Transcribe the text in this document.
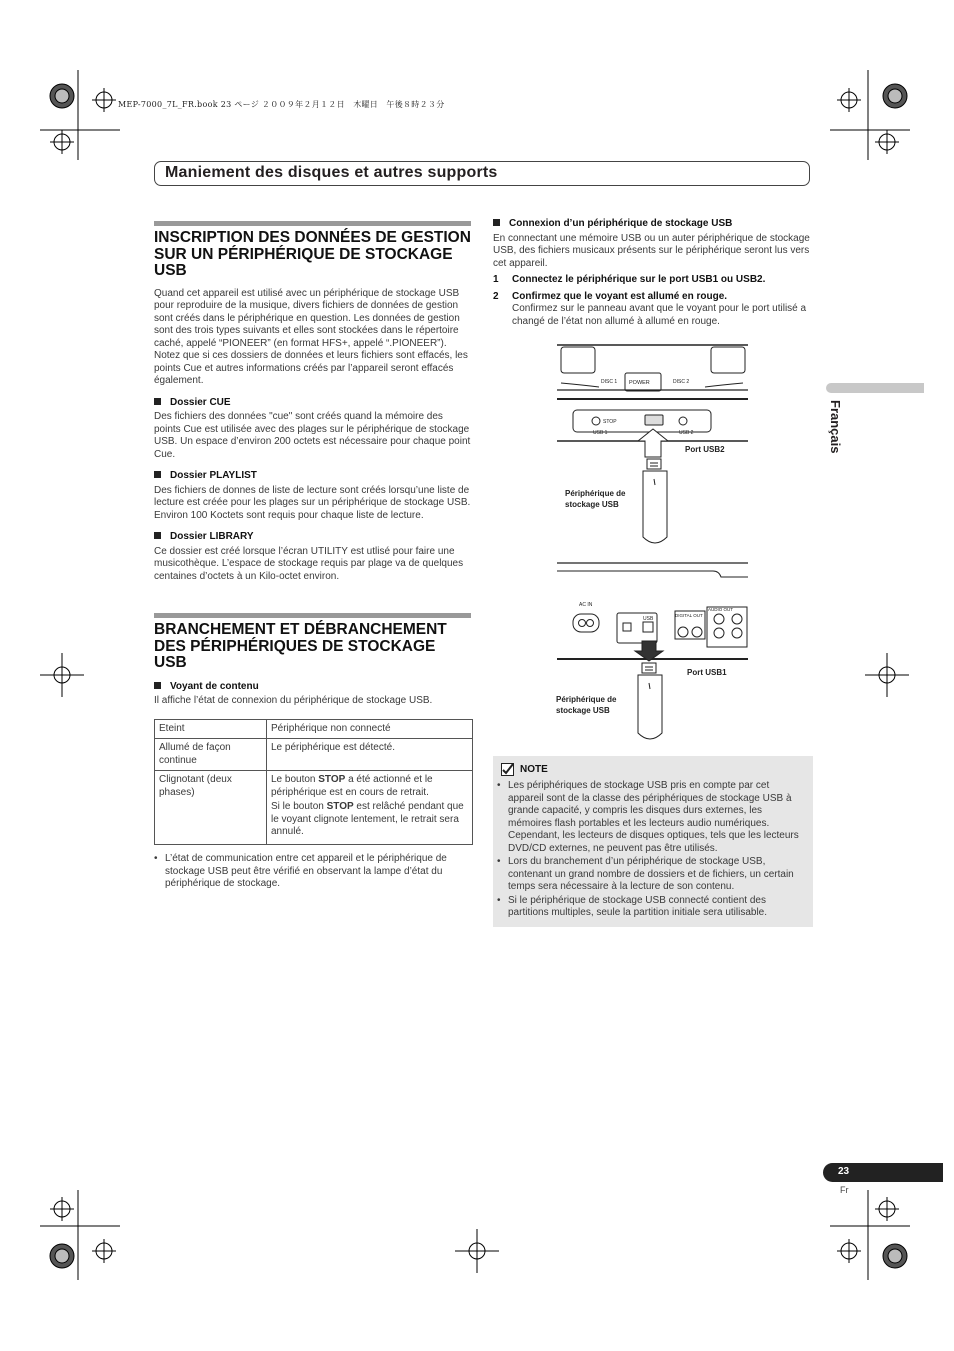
MEP-7000_7L_FR.book 23 ページ ２００９年２月１２日　木曜日　午後８時２３分
Maniement des disques et autres supports
Français
INSCRIPTION DES DONNÉES DE GESTION SUR UN PÉRIPHÉRIQUE DE STOCKAGE USB

Quand cet appareil est utilisé avec un périphérique de stockage USB pour reproduire de la musique, divers fichiers de données de gestion sont créés dans le périphérique en question. Les données de gestion sont des trois types suivants et elles sont stockées dans le répertoire caché, appelé “PIONEER” (en format HFS+, appelé “.PIONEER”). Notez que si ces dossiers de données et leurs fichiers sont effacés, les points Cue et autres informations créés par l’appareil seront effacés également.

Dossier CUE

Des fichiers des données "cue" sont créés quand la mémoire des points Cue est utilisée avec des plages sur le périphérique de stockage USB. Un espace d’environ 200 octets est nécessaire pour chaque point Cue.

Dossier PLAYLIST

Des fichiers de donnes de liste de lecture sont créés lorsqu’une liste de lecture est créée pour les plages sur un périphérique de stockage USB. Environ 100 Koctets sont requis pour chaque liste de lecture.

Dossier LIBRARY

Ce dossier est créé lorsque l’écran UTILITY est utlisé pour faire une musicothèque. L’espace de stockage requis par plage va de quelques centaines d’octets à un Kilo-octet environ.

BRANCHEMENT ET DÉBRANCHEMENT DES PÉRIPHÉRIQUES DE STOCKAGE USB
Voyant de contenu

Il affiche l’état de connexion du périphérique de stockage USB.

Eteint	Périphérique non connecté
Allumé de façon continue	Le périphérique est détecté.
Clignotant (deux phases)	Le bouton STOP a été actionné et le périphérique est en cours de retrait.

Si le bouton STOP est relâché pendant que le voyant clignote lentement, le retrait sera annulé.

• L’état de communication entre cet appareil et le périphérique de stockage USB peut être vérifié en observant la lampe d’état du périphérique de stockage.
Connexion d’un périphérique de stockage USB

En connectant une mémoire USB ou un auter périphérique de stockage USB, des fichiers musicaux présents sur le périphérique seront lus vers cet appareil.

1 Connectez le périphérique sur le port USB1 ou USB2.
2 Confirmez que le voyant est allumé en rouge.

Confirmez sur le panneau avant que le voyant pour le port utilisé a changé de l’état non allumé à allumé en rouge.

POWER
DISC 1	DISC 2
USB 1	USB 2
STOP
AC IN
USB
DIGITAL OUT
AUDIO OUT
Port USB2
Périphérique de stockage USB
Port USB1
Périphérique de stockage USB
NOTE
• Les périphériques de stockage USB pris en compte par cet appareil sont de la classe des périphériques de stockage USB à grande capacité, y compris les disques durs externes, les mémoires flash portables et les lecteurs audio numériques. Cependant, les lecteurs de disques optiques, tels que les lecteurs DVD/CD externes, ne peuvent pas être utilisés.
• Lors du branchement d’un périphérique de stockage USB, contenant un grand nombre de dossiers et de fichiers, un certain temps sera nécessaire à la lecture de son contenu.
• Si le périphérique de stockage USB connecté contient des partitions multiples, seule la partition initiale sera utilisable.
23
Fr
